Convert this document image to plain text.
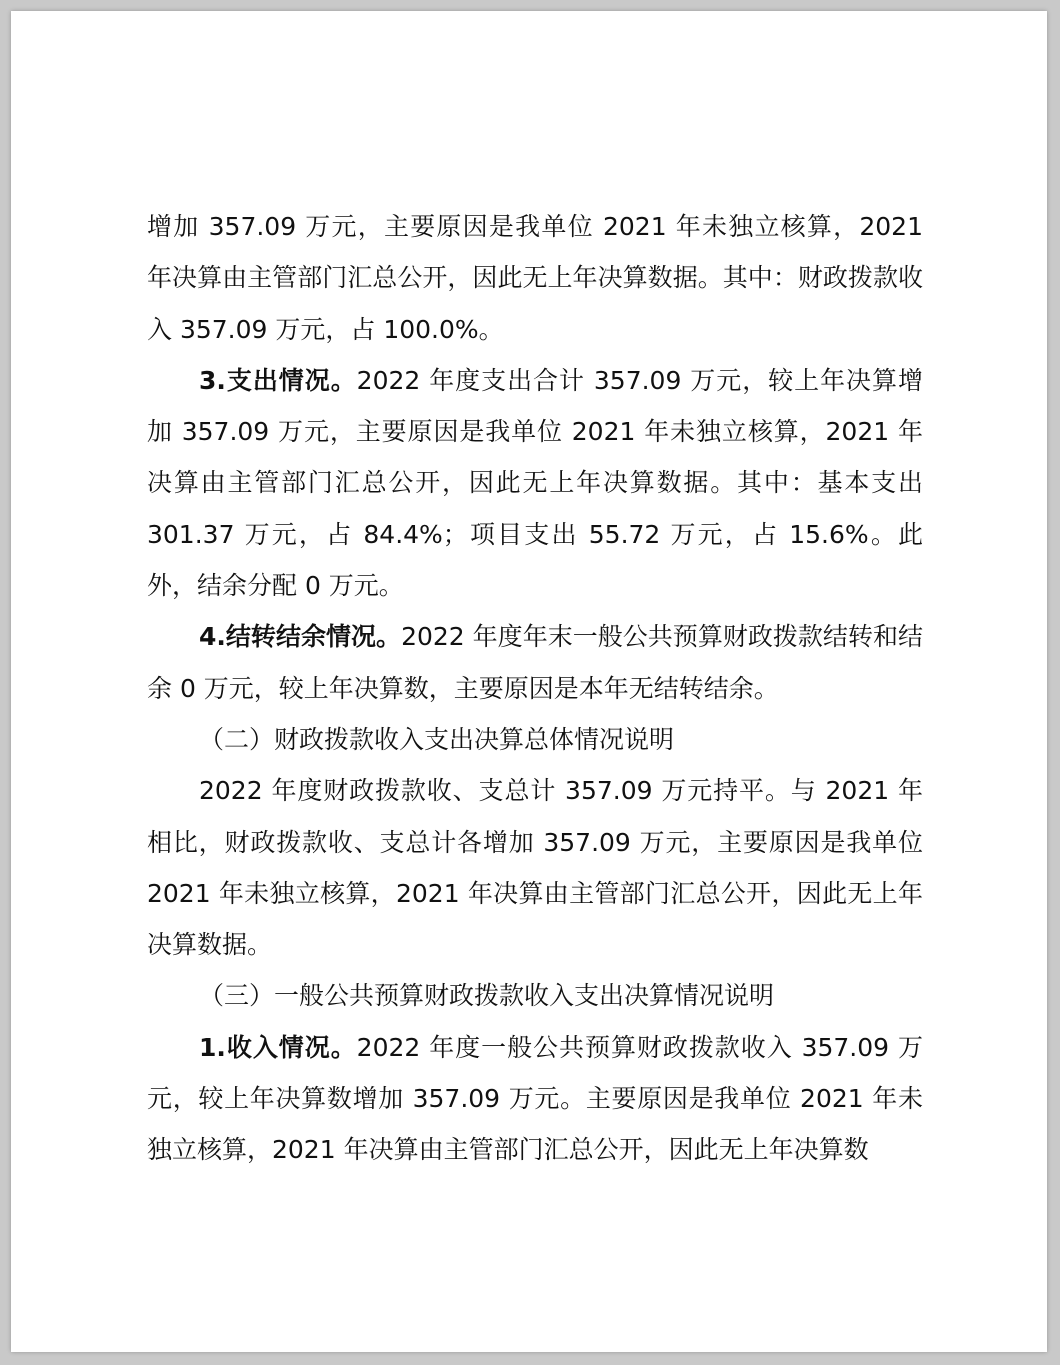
增加 357.09 万元，主要原因是我单位 2021 年未独立核算，2021 年决算由主管部门汇总公开，因此无上年决算数据。其中：财政拨款收入 357.09 万元，占 100.0%。

3.支出情况。2022 年度支出合计 357.09 万元，较上年决算增加 357.09 万元，主要原因是我单位 2021 年未独立核算，2021 年决算由主管部门汇总公开，因此无上年决算数据。其中：基本支出 301.37 万元，占 84.4%；项目支出 55.72 万元，占 15.6%。此外，结余分配 0 万元。

4.结转结余情况。2022 年度年末一般公共预算财政拨款结转和结余 0 万元，较上年决算数，主要原因是本年无结转结余。

（二）财政拨款收入支出决算总体情况说明

2022 年度财政拨款收、支总计 357.09 万元持平。与 2021 年相比，财政拨款收、支总计各增加 357.09 万元，主要原因是我单位 2021 年未独立核算，2021 年决算由主管部门汇总公开，因此无上年决算数据。

（三）一般公共预算财政拨款收入支出决算情况说明

1.收入情况。2022 年度一般公共预算财政拨款收入 357.09 万元，较上年决算数增加 357.09 万元。主要原因是我单位 2021 年未独立核算，2021 年决算由主管部门汇总公开，因此无上年决算数
